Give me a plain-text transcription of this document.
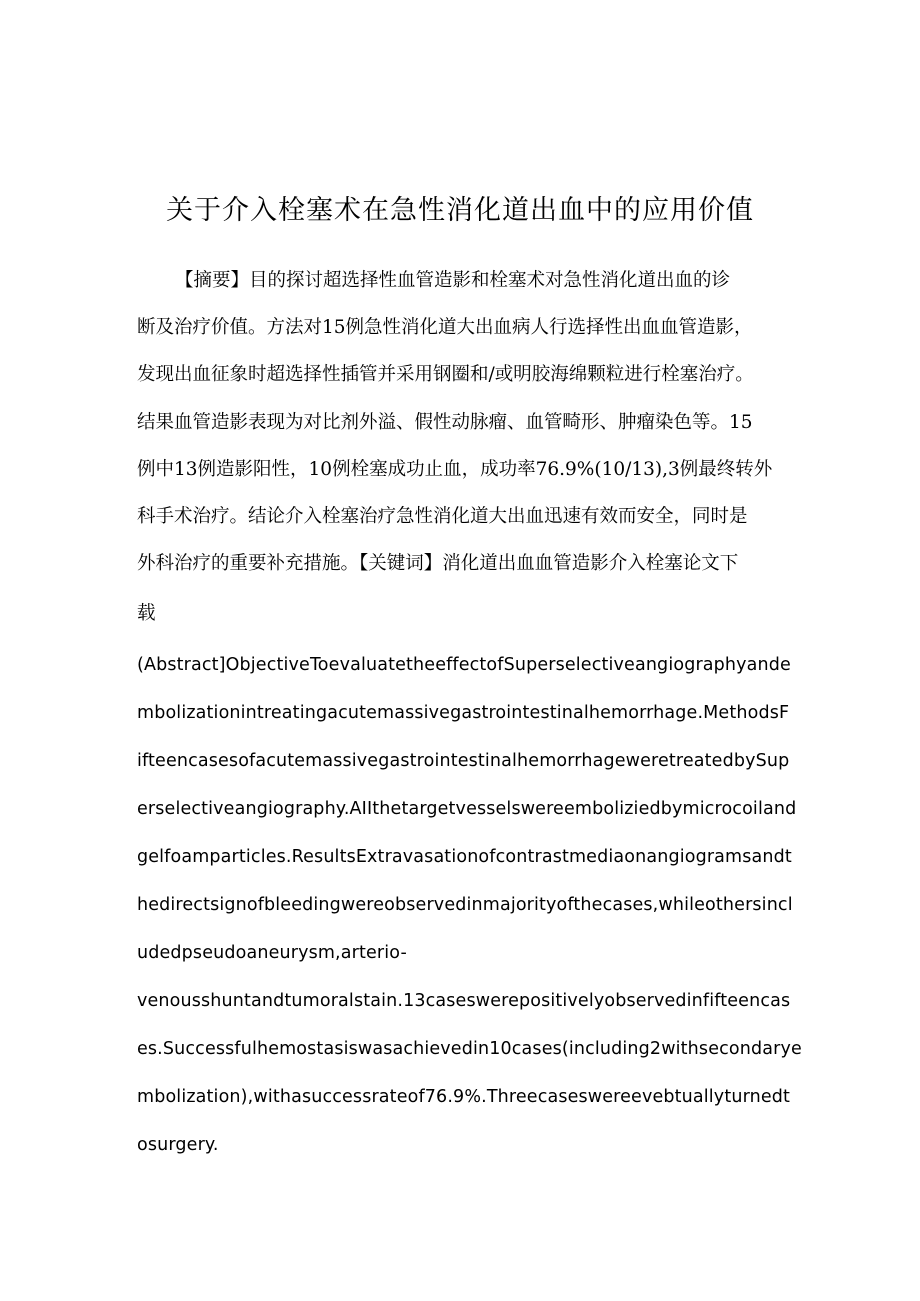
关于介入栓塞术在急性消化道出血中的应用价值
【摘要】目的探讨超选择性血管造影和栓塞术对急性消化道出血的诊
断及治疗价值。方法对15例急性消化道大出血病人行选择性出血血管造影，
发现出血征象时超选择性插管并采用钢圈和/或明胶海绵颗粒进行栓塞治疗。
结果血管造影表现为对比剂外溢、假性动脉瘤、血管畸形、肿瘤染色等。15
例中13例造影阳性，10例栓塞成功止血，成功率76.9%(10/13),3例最终转外
科手术治疗。结论介入栓塞治疗急性消化道大出血迅速有效而安全，同时是
外科治疗的重要补充措施。【关键词】消化道出血血管造影介入栓塞论文下
载
(Abstract]ObjectiveToevaluatetheeffectofSuperselectiveangiographyande
mbolizationintreatingacutemassivegastrointestinalhemorrhage.MethodsF
ifteencasesofacutemassivegastrointestinalhemorrhageweretreatedbySup
erselectiveangiography.AIIthetargetvesselswereembolizied​bymicrocoiland
gelfoamparticles.ResultsExtravasationofcontrastmediaonangiogramsandt
hedirectsignofbleedingwereobservedinmajorityofthecases,whileothersincl
udedpseudoaneurysm,arterio-
venousshuntandtumoralstain.13caseswerepositivelyobservedinfifteencas
es.Successfulhemostasiswasachievedin10cases(including2withsecondarye
mbolization),withasuccessrateof76.9%.Threecaseswereevebtuallyturnedt
osurgery.
